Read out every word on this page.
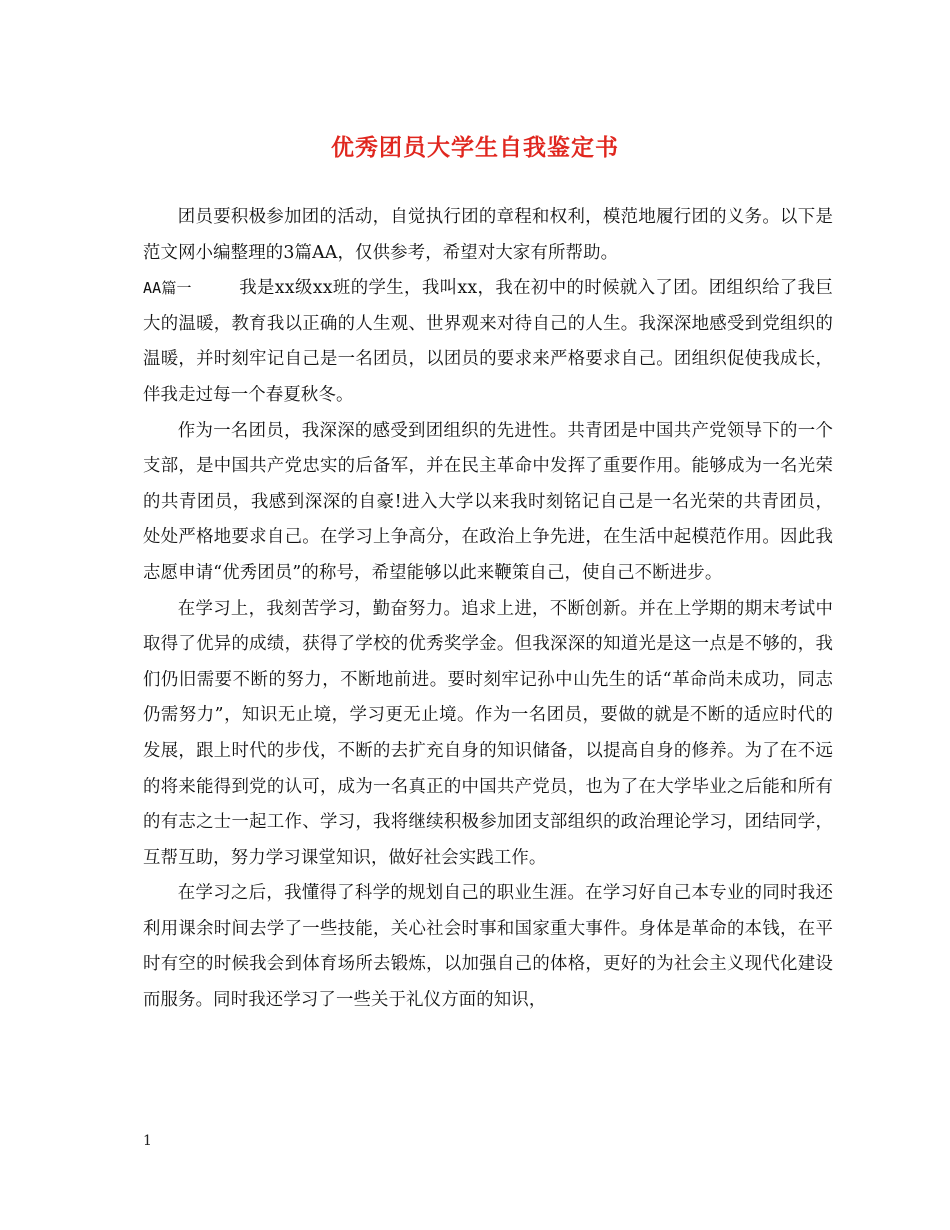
优秀团员大学生自我鉴定书

团员要积极参加团的活动，自觉执行团的章程和权利，模范地履行团的义务。以下是范文网小编整理的3篇AA，仅供参考，希望对大家有所帮助。

AA篇一	我是xx级xx班的学生，我叫xx，我在初中的时候就入了团。团组织给了我巨大的温暖，教育我以正确的人生观、世界观来对待自己的人生。我深深地感受到党组织的温暖，并时刻牢记自己是一名团员，以团员的要求来严格要求自己。团组织促使我成长，伴我走过每一个春夏秋冬。

作为一名团员，我深深的感受到团组织的先进性。共青团是中国共产党领导下的一个支部，是中国共产党忠实的后备军，并在民主革命中发挥了重要作用。能够成为一名光荣的共青团员，我感到深深的自豪!进入大学以来我时刻铭记自己是一名光荣的共青团员，处处严格地要求自己。在学习上争高分，在政治上争先进，在生活中起模范作用。因此我志愿申请“优秀团员”的称号，希望能够以此来鞭策自己，使自己不断进步。

在学习上，我刻苦学习，勤奋努力。追求上进，不断创新。并在上学期的期末考试中取得了优异的成绩，获得了学校的优秀奖学金。但我深深的知道光是这一点是不够的，我们仍旧需要不断的努力，不断地前进。要时刻牢记孙中山先生的话“革命尚未成功，同志仍需努力”，知识无止境，学习更无止境。作为一名团员，要做的就是不断的适应时代的发展，跟上时代的步伐，不断的去扩充自身的知识储备，以提高自身的修养。为了在不远的将来能得到党的认可，成为一名真正的中国共产党员，也为了在大学毕业之后能和所有的有志之士一起工作、学习，我将继续积极参加团支部组织的政治理论学习，团结同学，互帮互助，努力学习课堂知识，做好社会实践工作。

在学习之后，我懂得了科学的规划自己的职业生涯。在学习好自己本专业的同时我还利用课余时间去学了一些技能，关心社会时事和国家重大事件。身体是革命的本钱，在平时有空的时候我会到体育场所去锻炼，以加强自己的体格，更好的为社会主义现代化建设而服务。同时我还学习了一些关于礼仪方面的知识，

1
